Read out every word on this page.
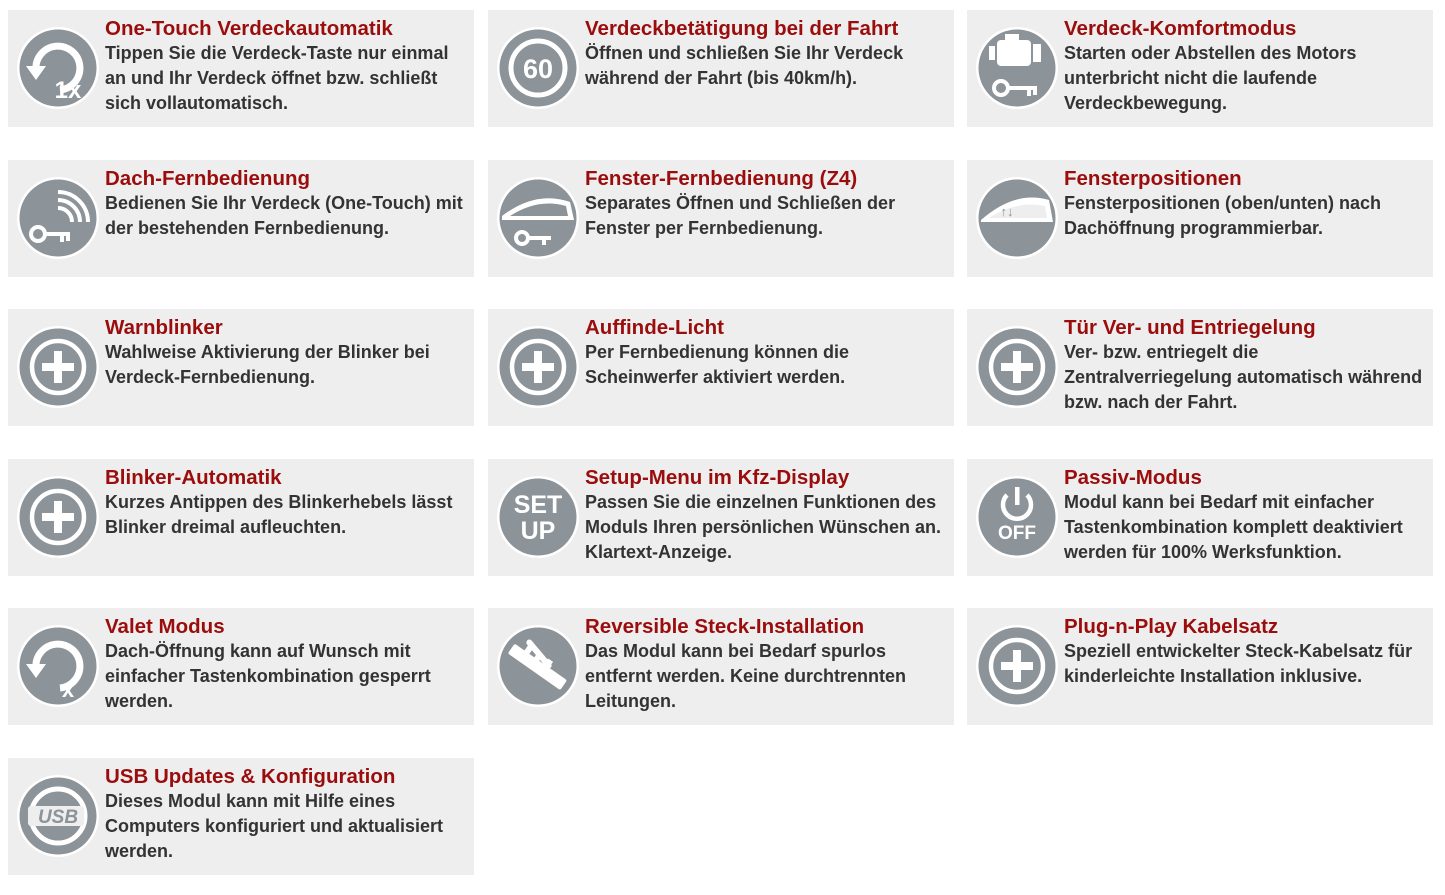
1x
One-Touch Verdeckautomatik

Tippen Sie die Verdeck-Taste nur einmal an und Ihr Verdeck öffnet bzw. schließt sich vollautomatisch.

60
Verdeckbetätigung bei der Fahrt

Öffnen und schließen Sie Ihr Verdeck während der Fahrt (bis 40km/h).

Verdeck-Komfortmodus

Starten oder Abstellen des Motors unterbricht nicht die laufende Verdeckbewegung.

Dach-Fernbedienung

Bedienen Sie Ihr Verdeck (One-Touch) mit der bestehenden Fernbedienung.

Fenster-Fernbedienung (Z4)

Separates Öffnen und Schließen der Fenster per Fernbedienung.

↑↓
Fensterpositionen

Fensterpositionen (oben/unten) nach Dachöffnung programmierbar.

Warnblinker

Wahlweise Aktivierung der Blinker bei Verdeck-Fernbedienung.

Auffinde-Licht

Per Fernbedienung können die Scheinwerfer aktiviert werden.

Tür Ver- und Entriegelung

Ver- bzw. entriegelt die Zentralverriegelung automatisch während bzw. nach der Fahrt.

Blinker-Automatik

Kurzes Antippen des Blinkerhebels lässt Blinker dreimal aufleuchten.

SET
UP
Setup-Menu im Kfz-Display

Passen Sie die einzelnen Funktionen des Moduls Ihren persönlichen Wünschen an. Klartext-Anzeige.

OFF
Passiv-Modus

Modul kann bei Bedarf mit einfacher Tastenkombination komplett deaktiviert werden für 100% Werksfunktion.

x
Valet Modus

Dach-Öffnung kann auf Wunsch mit einfacher Tastenkombination gesperrt werden.

Reversible Steck-Installation

Das Modul kann bei Bedarf spurlos entfernt werden. Keine durchtrennten Leitungen.

Plug-n-Play Kabelsatz

Speziell entwickelter Steck-Kabelsatz für kinderleichte Installation inklusive.

USB
USB Updates & Konfiguration

Dieses Modul kann mit Hilfe eines Computers konfiguriert und aktualisiert werden.
